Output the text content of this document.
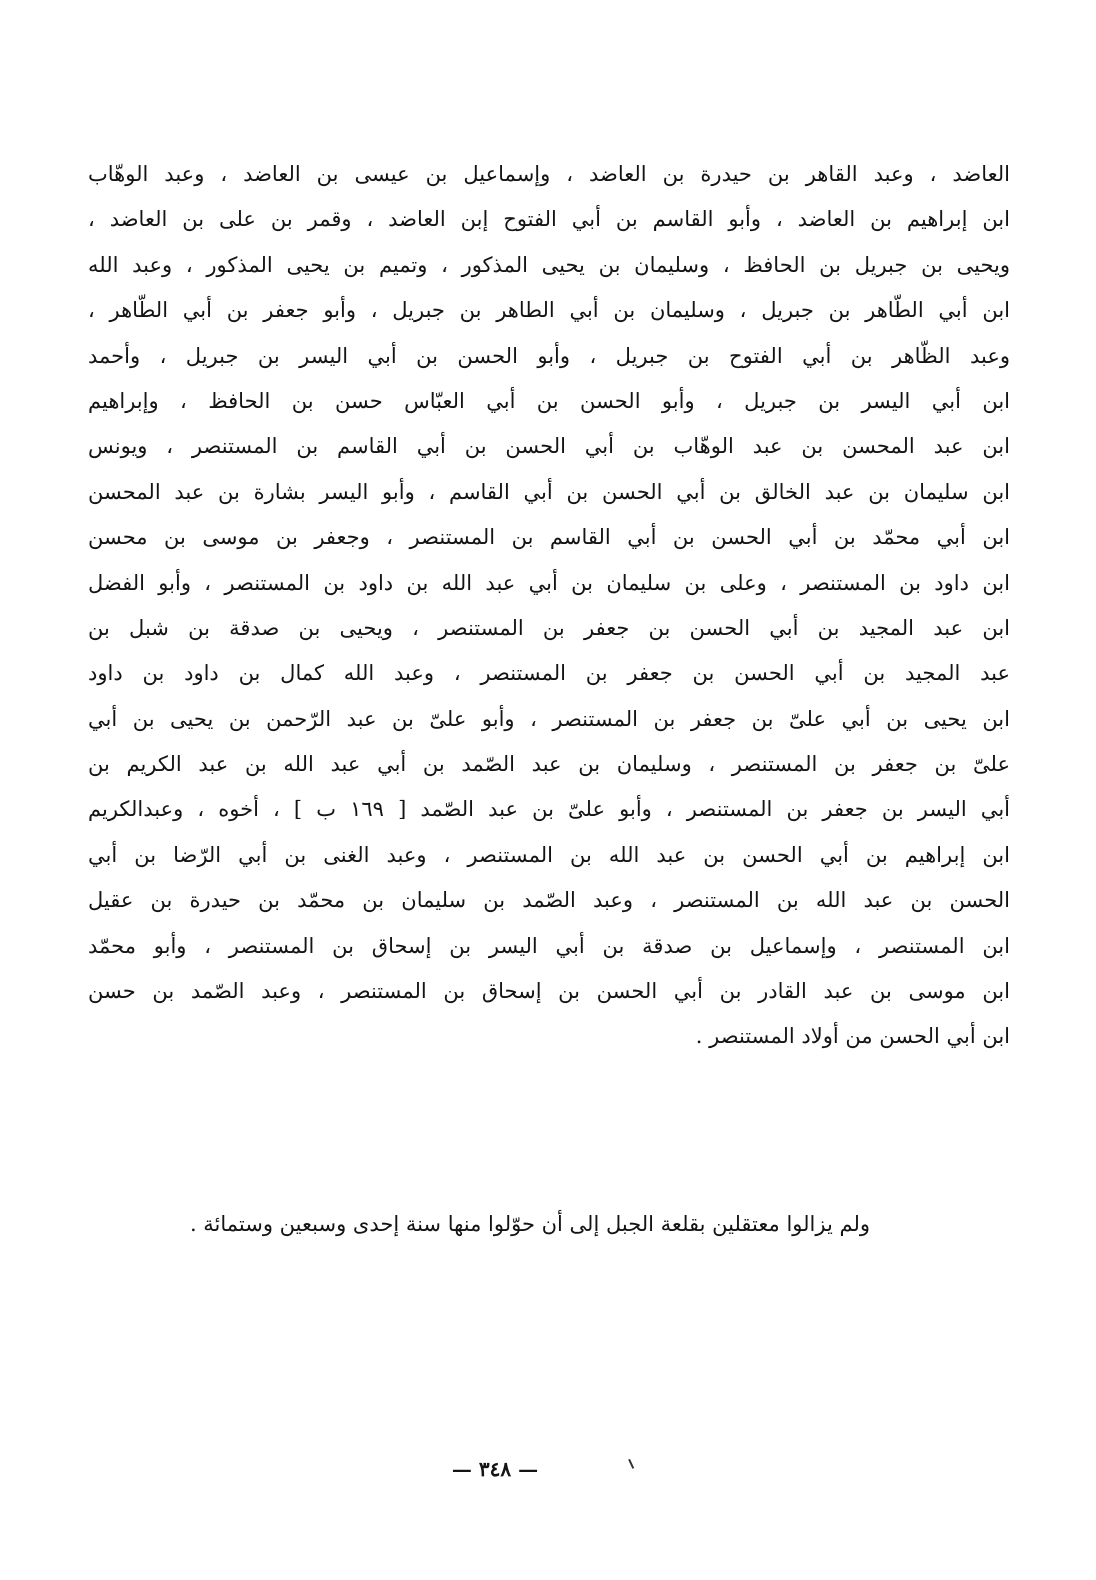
العاضد ، وعبد القاهر بن حيدرة بن العاضد ، وإسماعيل بن عيسى بن العاضد ، وعبد الوهّاب
ابن إبراهيم بن العاضد ، وأبو القاسم بن أبي الفتوح إبن العاضد ، وقمر بن على بن العاضد ،
ويحيى بن جبريل بن الحافظ ، وسليمان بن يحيى المذكور ، وتميم بن يحيى المذكور ، وعبد الله
ابن أبي الطّاهر بن جبريل ، وسليمان بن أبي الطاهر بن جبريل ، وأبو جعفر بن أبي الطّاهر ،
وعبد الظّاهر بن أبي الفتوح بن جبريل ، وأبو الحسن بن أبي اليسر بن جبريل ، وأحمد
ابن أبي اليسر بن جبريل ، وأبو الحسن بن أبي العبّاس حسن بن الحافظ ، وإبراهيم
ابن عبد المحسن بن عبد الوهّاب بن أبي الحسن بن أبي القاسم بن المستنصر ، ويونس
ابن سليمان بن عبد الخالق بن أبي الحسن بن أبي القاسم ، وأبو اليسر بشارة بن عبد المحسن
ابن أبي محمّد بن أبي الحسن بن أبي القاسم بن المستنصر ، وجعفر بن موسى بن محسن
ابن داود بن المستنصر ، وعلى بن سليمان بن أبي عبد الله بن داود بن المستنصر ، وأبو الفضل
ابن عبد المجيد بن أبي الحسن بن جعفر بن المستنصر ، ويحيى بن صدقة بن شبل بن
عبد المجيد بن أبي الحسن بن جعفر بن المستنصر ، وعبد الله كمال بن داود بن داود
ابن يحيى بن أبي علىّ بن جعفر بن المستنصر ، وأبو علىّ بن عبد الرّحمن بن يحيى بن أبي
علىّ بن جعفر بن المستنصر ، وسليمان بن عبد الصّمد بن أبي عبد الله بن عبد الكريم بن
أبي اليسر بن جعفر بن المستنصر ، وأبو علىّ بن عبد الصّمد [ ١٦٩ ب ] ، أخوه ، وعبدالكريم
ابن إبراهيم بن أبي الحسن بن عبد الله بن المستنصر ، وعبد الغنى بن أبي الرّضا بن أبي
الحسن بن عبد الله بن المستنصر ، وعبد الصّمد بن سليمان بن محمّد بن حيدرة بن عقيل
ابن المستنصر ، وإسماعيل بن صدقة بن أبي اليسر بن إسحاق بن المستنصر ، وأبو محمّد
ابن موسى بن عبد القادر بن أبي الحسن بن إسحاق بن المستنصر ، وعبد الصّمد بن حسن
ابن أبي الحسن من أولاد المستنصر .

ولم يزالوا معتقلين بقلعة الجبل إلى أن حوّلوا منها سنة إحدى وسبعين وستمائة .

— ٣٤٨ —
